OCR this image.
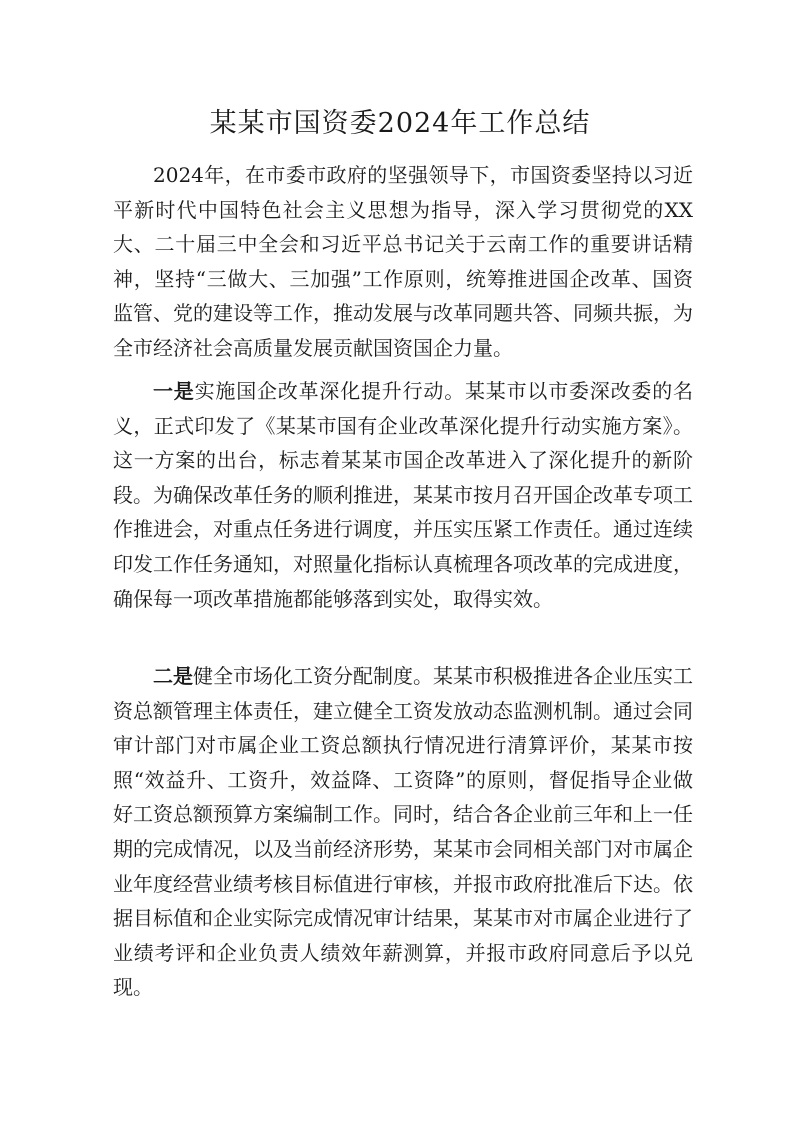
某某市国资委2024年工作总结

2024年，在市委市政府的坚强领导下，市国资委坚持以习近平新时代中国特色社会主义思想为指导，深入学习贯彻党的XX大、二十届三中全会和习近平总书记关于云南工作的重要讲话精神，坚持“三做大、三加强”工作原则，统筹推进国企改革、国资监管、党的建设等工作，推动发展与改革同题共答、同频共振，为全市经济社会高质量发展贡献国资国企力量。

一是实施国企改革深化提升行动。某某市以市委深改委的名义，正式印发了《某某市国有企业改革深化提升行动实施方案》。这一方案的出台，标志着某某市国企改革进入了深化提升的新阶段。为确保改革任务的顺利推进，某某市按月召开国企改革专项工作推进会，对重点任务进行调度，并压实压紧工作责任。通过连续印发工作任务通知，对照量化指标认真梳理各项改革的完成进度，确保每一项改革措施都能够落到实处，取得实效。

二是健全市场化工资分配制度。某某市积极推进各企业压实工资总额管理主体责任，建立健全工资发放动态监测机制。通过会同审计部门对市属企业工资总额执行情况进行清算评价，某某市按照“效益升、工资升，效益降、工资降”的原则，督促指导企业做好工资总额预算方案编制工作。同时，结合各企业前三年和上一任期的完成情况，以及当前经济形势，某某市会同相关部门对市属企业年度经营业绩考核目标值进行审核，并报市政府批准后下达。依据目标值和企业实际完成情况审计结果，某某市对市属企业进行了业绩考评和企业负责人绩效年薪测算，并报市政府同意后予以兑现。
